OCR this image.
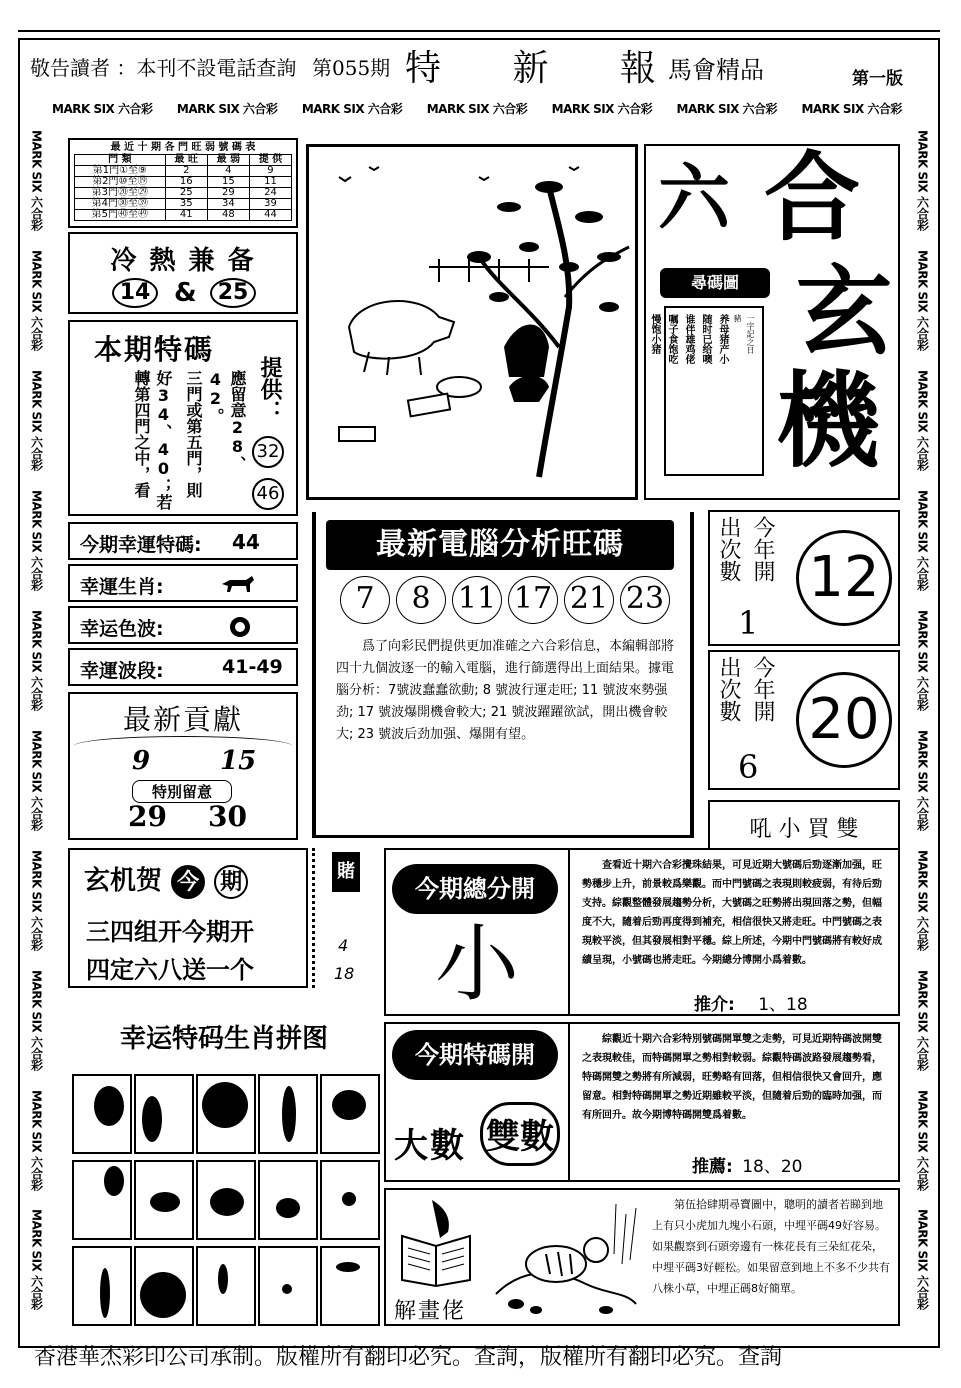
敬告讀者 ：本刊不設電話查詢 第055期 特 新 報
馬會精品	第一版
MARK SIX 六合彩 MARK SIX 六合彩 MARK SIX 六合彩 MARK SIX 六合彩 MARK SIX 六合彩 MARK SIX 六合彩 MARK SIX 六合彩
MARK SIX 六合彩
MARK SIX 六合彩
MARK SIX 六合彩
MARK SIX 六合彩
MARK SIX 六合彩
MARK SIX 六合彩
MARK SIX 六合彩
MARK SIX 六合彩
MARK SIX 六合彩
MARK SIX 六合彩
MARK SIX 六合彩
MARK SIX 六合彩
MARK SIX 六合彩
MARK SIX 六合彩
MARK SIX 六合彩
MARK SIX 六合彩
MARK SIX 六合彩
MARK SIX 六合彩
MARK SIX 六合彩
MARK SIX 六合彩
最 近 十 期 各 門 旺 弱 號 碼 表
門 類	最 旺	最 弱	提 供
第1門①至⑨	2	4	9
第2門⑩至⑲	16	15	11
第3門⑳至㉙	25	29	24
第4門㉚至㊴	35	34	39
第5門㊵至㊾	41	48	44
冷 熱 兼 备
14 & 25
本期特碼
應留意28、42。
三門或第五門，則
好34、40；若轉第四門之中，看	提供：
32
46
今期幸運特碼: 44
幸運生肖:
幸运色波:
幸運波段:	41-49
最新貢獻
9	15
特別留意
29 30
玄机贺 今 期
三四组开今期开
四定六八送一个
賭
4
18
幸运特码生肖拼图
六 合
玄
機
尋碼圖
一字記之日
豬
养母猪产小
随时已给噢
谁伴雄鸡佬
嘱子食饱吃
慢饱小猪
最新電腦分析旺碼
7	8 11 17 21 23
爲了向彩民們提供更加准確之六合彩信息，本編輯部將四十九個波逐一的輸入電腦，進行篩選得出上面結果。據電腦分析：7號波蠢蠢欲動; 8 號波行運走旺; 11 號波來勢强劲; 17 號波爆開機會較大; 21 號波躍躍欲試，開出機會較大; 23 號波后劲加强、爆開有望。
出次數 今年開
1
12
出次數 今年開
6
20
吼 小 買 雙
今期總分開
小
查看近十期六合彩攪珠結果，可見近期大號碼后勁逐漸加强，旺勢穩步上升，前景較爲樂觀。而中門號碼之表現則較疲弱，有待后勁支持。綜觀整體發展趨勢分析，大號碼之旺勢將出現回落之勢，但幅度不大，隨着后勁再度得到補充，相信很快又將走旺。中門號碼之表現較平淡，但其發展相對平穩。綜上所述，今期中門號碼將有較好成績呈現，小號碼也將走旺。今期總分博開小爲着數。
推介: 1、18
今期特碼開
大數 雙數
綜觀近十期六合彩特別號碼開單雙之走勢，可見近期特碼波開雙之表現較佳，而特碼開單之勢相對較弱。綜觀特碼波路發展趨勢看，特碼開雙之勢將有所減弱，旺勢略有回落，但相信很快又會回升，應留意。相對特碼開單之勢近期雖較平淡，但隨着后勁的臨時加强，而有所回升。故今期博特碼開雙爲着數。
推薦: 18、20
解畫佬
第伍拾肆期尋寶圖中，聰明的讀者若睇到地上有只小虎加九塊小石頭，中埋平碼49好容易。如果觀察到石頭旁邊有一株花長有三朵紅花朵，中埋平碼3好輕松。如果留意到地上不多不少共有八株小草，中埋正碼8好簡單。
香港華杰彩印公司承制。版權所有翻印必究。查詢，版權所有翻印必究。查詢
